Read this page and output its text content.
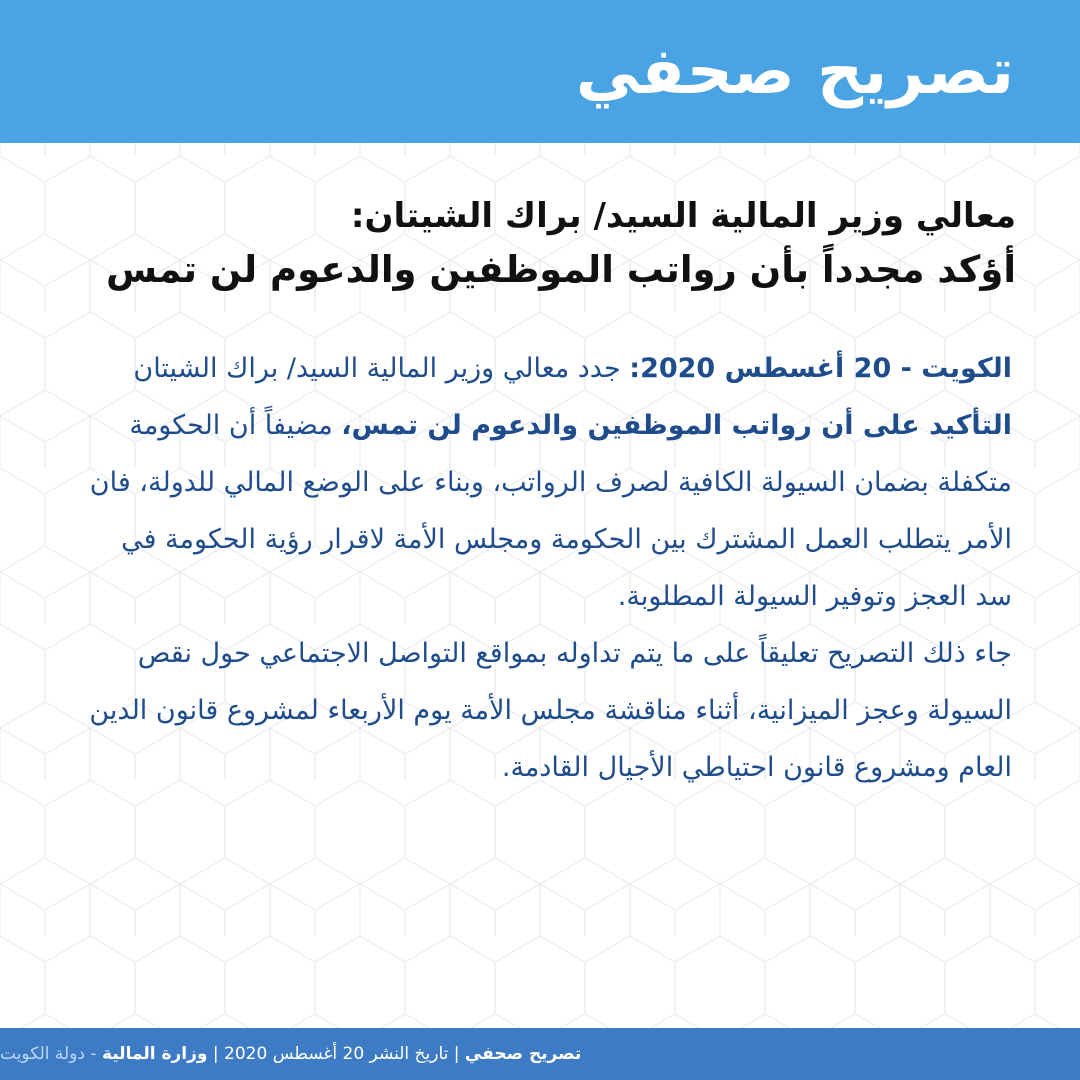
تصريح صحفي
معالي وزير المالية السيد/ براك الشيتان:
أؤكد مجدداً بأن رواتب الموظفين والدعوم لن تمس

الكويت - 20 أغسطس 2020: جدد معالي وزير المالية السيد/ براك الشيتان التأكيد على أن رواتب الموظفين والدعوم لن تمس، مضيفاً أن الحكومة متكفلة بضمان السيولة الكافية لصرف الرواتب، وبناء على الوضع المالي للدولة، فان الأمر يتطلب العمل المشترك بين الحكومة ومجلس الأمة لاقرار رؤية الحكومة في سد العجز وتوفير السيولة المطلوبة.

جاء ذلك التصريح تعليقاً على ما يتم تداوله بمواقع التواصل الاجتماعي حول نقص السيولة وعجز الميزانية، أثناء مناقشة مجلس الأمة يوم الأربعاء لمشروع قانون الدين العام ومشروع قانون احتياطي الأجيال القادمة.

تصريح صحفي | تاريخ النشر 20 أغسطس 2020 | وزارة المالية - دولة الكويت
